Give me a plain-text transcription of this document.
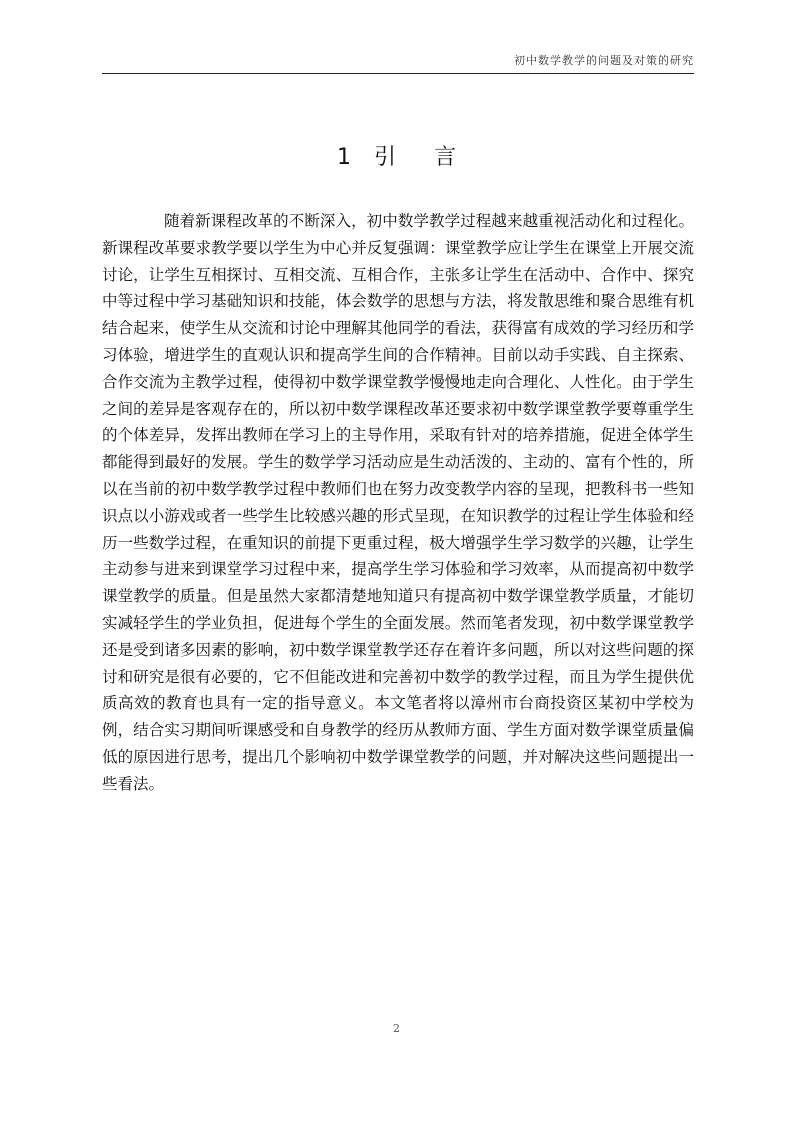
初中数学教学的问题及对策的研究
1 引言

随着新课程改革的不断深入，初中数学教学过程越来越重视活动化和过程化。新课程改革要求教学要以学生为中心并反复强调：课堂教学应让学生在课堂上开展交流讨论，让学生互相探讨、互相交流、互相合作，主张多让学生在活动中、合作中、探究中等过程中学习基础知识和技能，体会数学的思想与方法，将发散思维和聚合思维有机结合起来，使学生从交流和讨论中理解其他同学的看法，获得富有成效的学习经历和学习体验，增进学生的直观认识和提高学生间的合作精神。目前以动手实践、自主探索、合作交流为主教学过程，使得初中数学课堂教学慢慢地走向合理化、人性化。由于学生之间的差异是客观存在的，所以初中数学课程改革还要求初中数学课堂教学要尊重学生的个体差异，发挥出教师在学习上的主导作用，采取有针对的培养措施，促进全体学生都能得到最好的发展。学生的数学学习活动应是生动活泼的、主动的、富有个性的，所以在当前的初中数学教学过程中教师们也在努力改变教学内容的呈现，把教科书一些知识点以小游戏或者一些学生比较感兴趣的形式呈现，在知识教学的过程让学生体验和经历一些数学过程，在重知识的前提下更重过程，极大增强学生学习数学的兴趣，让学生主动参与进来到课堂学习过程中来，提高学生学习体验和学习效率，从而提高初中数学课堂教学的质量。但是虽然大家都清楚地知道只有提高初中数学课堂教学质量，才能切实减轻学生的学业负担，促进每个学生的全面发展。然而笔者发现，初中数学课堂教学还是受到诸多因素的影响，初中数学课堂教学还存在着许多问题，所以对这些问题的探讨和研究是很有必要的，它不但能改进和完善初中数学的教学过程，而且为学生提供优质高效的教育也具有一定的指导意义。本文笔者将以漳州市台商投资区某初中学校为例，结合实习期间听课感受和自身教学的经历从教师方面、学生方面对数学课堂质量偏低的原因进行思考，提出几个影响初中数学课堂教学的问题，并对解决这些问题提出一些看法。

2
